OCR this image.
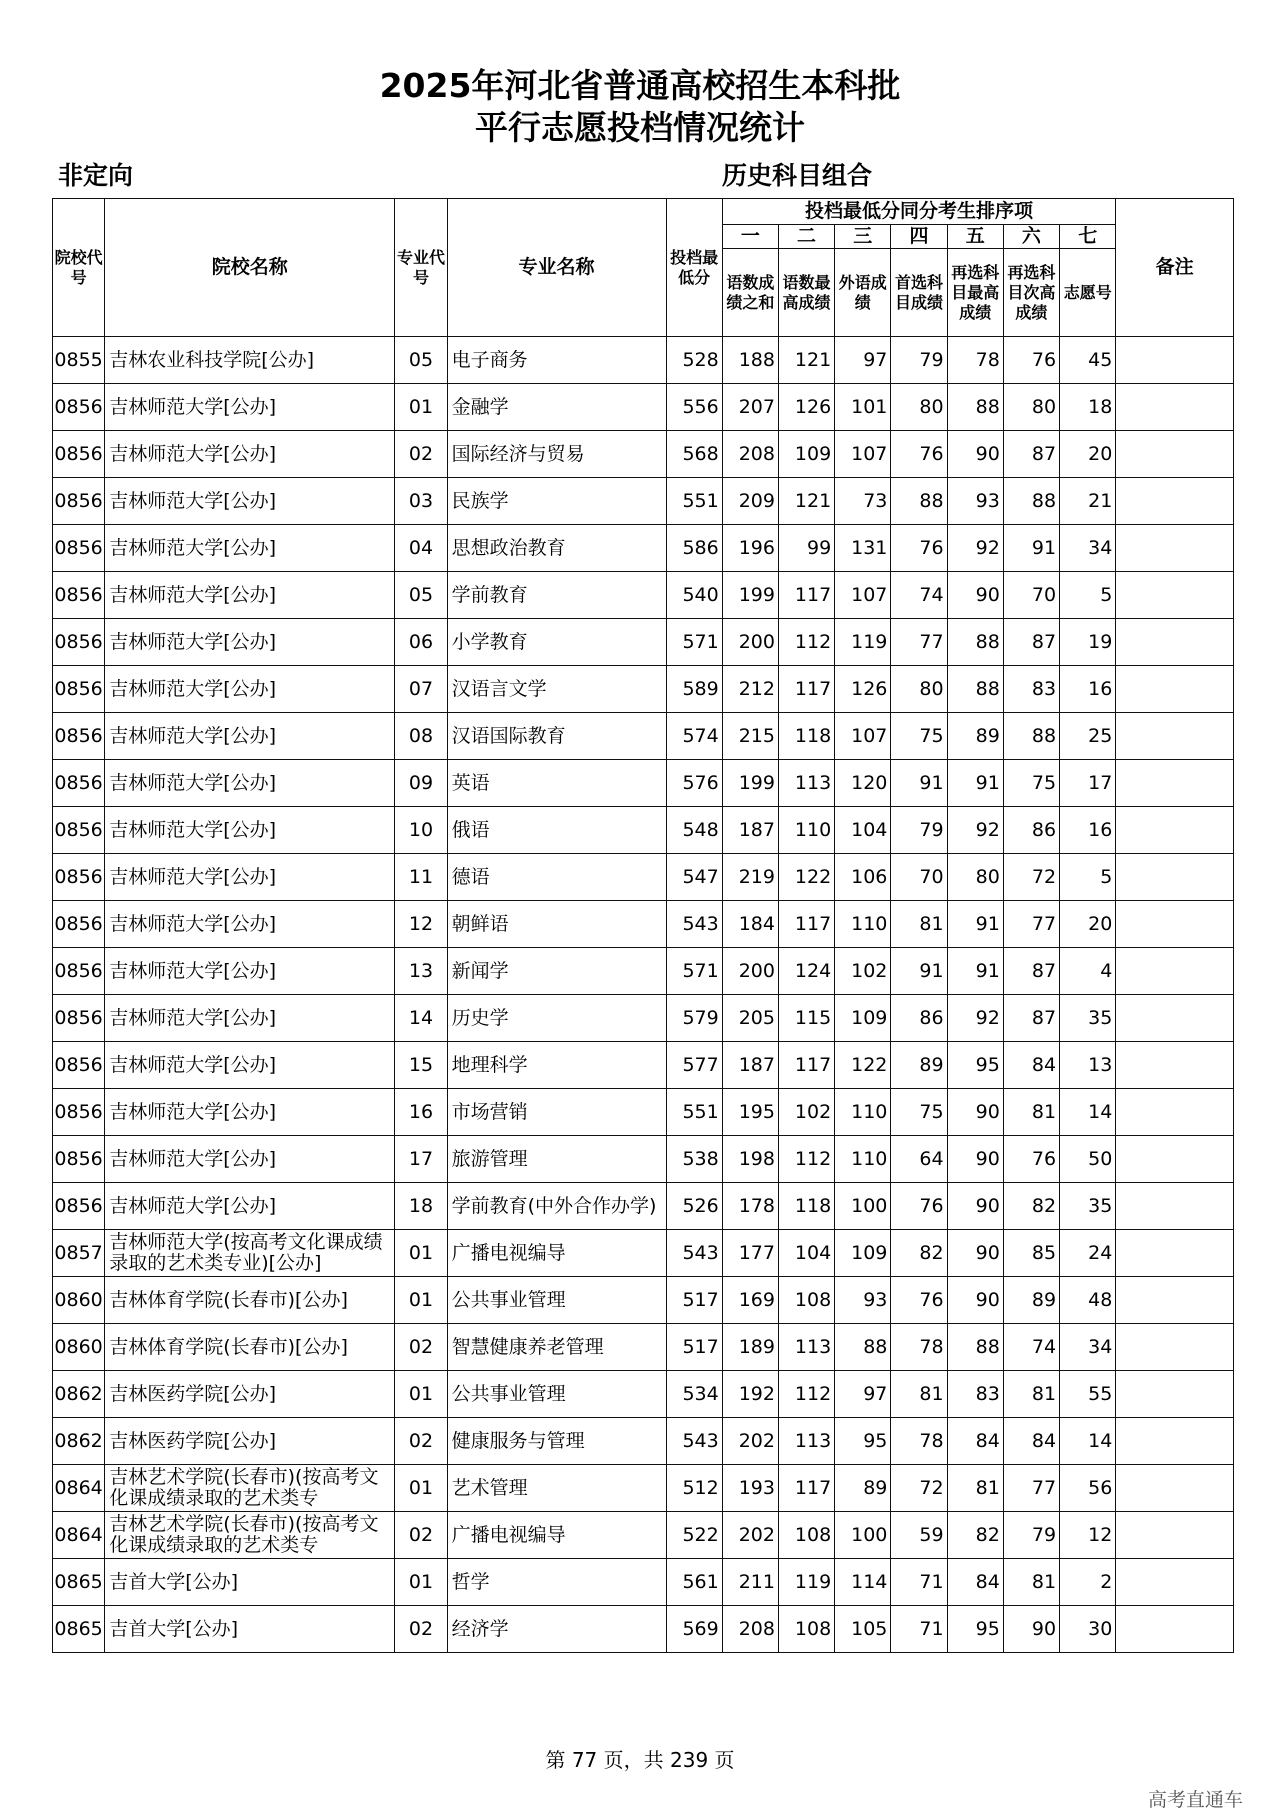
2025年河北省普通高校招生本科批
平行志愿投档情况统计
非定向	历史科目组合
院校代号	院校名称	专业代号	专业名称	投档最低分	投档最低分同分考生排序项							备注
					一	二	三	四	五	六	七	
					语数成绩之和	语数最高成绩	外语成绩	首选科目成绩	再选科目最高成绩	再选科目次高成绩	志愿号	
0855	吉林农业科技学院[公办]	05	电子商务	528	188	121	97	79	78	76	45	
0856	吉林师范大学[公办]	01	金融学	556	207	126	101	80	88	80	18	
0856	吉林师范大学[公办]	02	国际经济与贸易	568	208	109	107	76	90	87	20	
0856	吉林师范大学[公办]	03	民族学	551	209	121	73	88	93	88	21	
0856	吉林师范大学[公办]	04	思想政治教育	586	196	99	131	76	92	91	34	
0856	吉林师范大学[公办]	05	学前教育	540	199	117	107	74	90	70	5	
0856	吉林师范大学[公办]	06	小学教育	571	200	112	119	77	88	87	19	
0856	吉林师范大学[公办]	07	汉语言文学	589	212	117	126	80	88	83	16	
0856	吉林师范大学[公办]	08	汉语国际教育	574	215	118	107	75	89	88	25	
0856	吉林师范大学[公办]	09	英语	576	199	113	120	91	91	75	17	
0856	吉林师范大学[公办]	10	俄语	548	187	110	104	79	92	86	16	
0856	吉林师范大学[公办]	11	德语	547	219	122	106	70	80	72	5	
0856	吉林师范大学[公办]	12	朝鲜语	543	184	117	110	81	91	77	20	
0856	吉林师范大学[公办]	13	新闻学	571	200	124	102	91	91	87	4	
0856	吉林师范大学[公办]	14	历史学	579	205	115	109	86	92	87	35	
0856	吉林师范大学[公办]	15	地理科学	577	187	117	122	89	95	84	13	
0856	吉林师范大学[公办]	16	市场营销	551	195	102	110	75	90	81	14	
0856	吉林师范大学[公办]	17	旅游管理	538	198	112	110	64	90	76	50	
0856	吉林师范大学[公办]	18	学前教育(中外合作办学)	526	178	118	100	76	90	82	35	
0857	吉林师范大学(按高考文化课成绩录取的艺术类专业)[公办]	01	广播电视编导	543	177	104	109	82	90	85	24	
0860	吉林体育学院(长春市)[公办]	01	公共事业管理	517	169	108	93	76	90	89	48	
0860	吉林体育学院(长春市)[公办]	02	智慧健康养老管理	517	189	113	88	78	88	74	34	
0862	吉林医药学院[公办]	01	公共事业管理	534	192	112	97	81	83	81	55	
0862	吉林医药学院[公办]	02	健康服务与管理	543	202	113	95	78	84	84	14	
0864	吉林艺术学院(长春市)(按高考文化课成绩录取的艺术类专	01	艺术管理	512	193	117	89	72	81	77	56	
0864	吉林艺术学院(长春市)(按高考文化课成绩录取的艺术类专	02	广播电视编导	522	202	108	100	59	82	79	12	
0865	吉首大学[公办]	01	哲学	561	211	119	114	71	84	81	2	
0865	吉首大学[公办]	02	经济学	569	208	108	105	71	95	90	30	
第 77 页，共 239 页
高考直通车
